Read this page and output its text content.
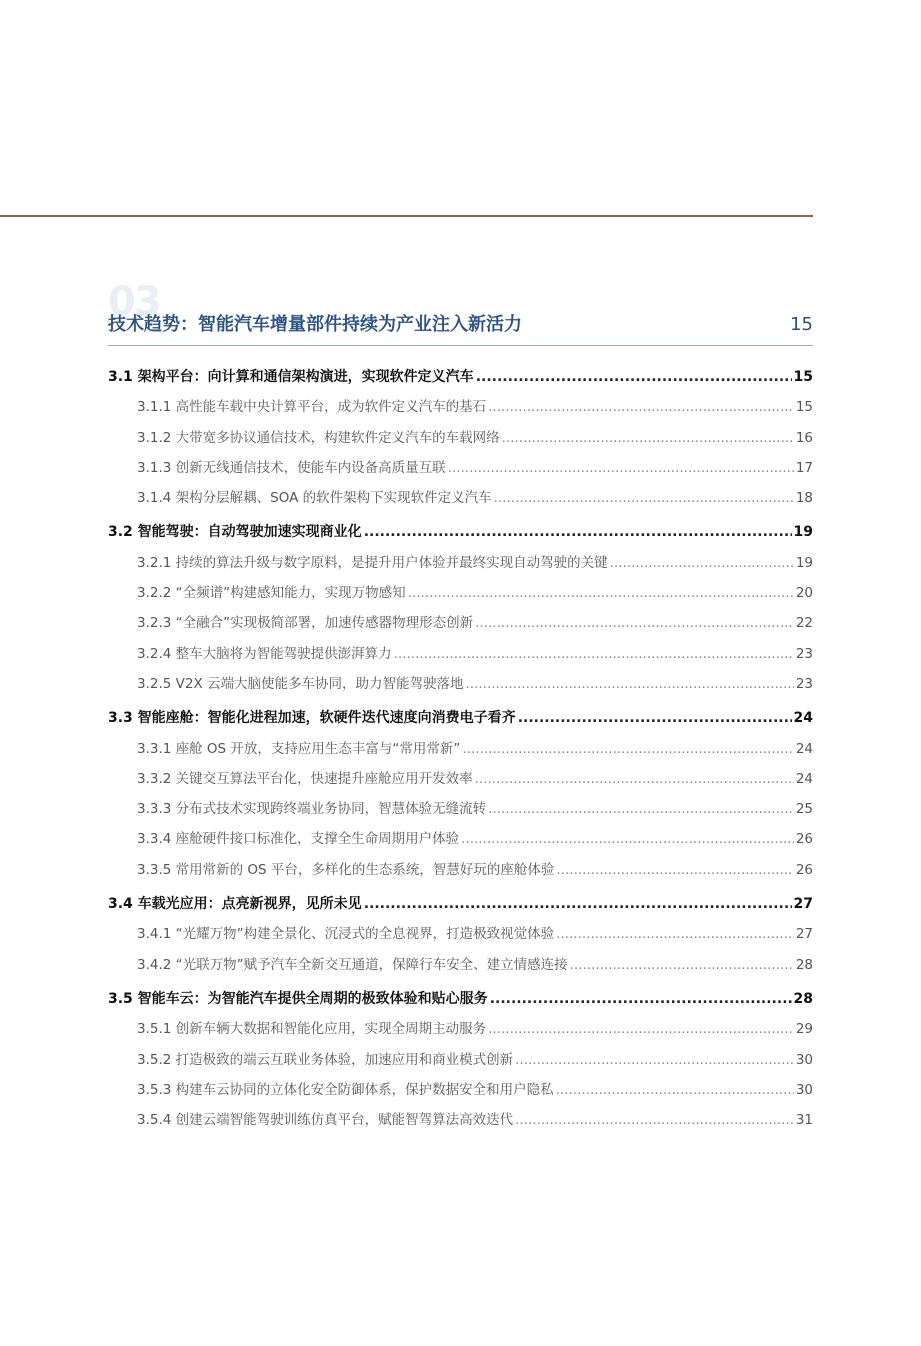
03
技术趋势：智能汽车增量部件持续为产业注入新活力	15
3.1 架构平台：向计算和通信架构演进，实现软件定义汽车 .....	15
3.1.1 高性能车载中央计算平台，成为软件定义汽车的基石 .....	15
3.1.2 大带宽多协议通信技术，构建软件定义汽车的车载网络 .....	16
3.1.3 创新无线通信技术，使能车内设备高质量互联 .....	17
3.1.4 架构分层解耦、SOA 的软件架构下实现软件定义汽车 .....	18
3.2 智能驾驶：自动驾驶加速实现商业化 .....	19
3.2.1 持续的算法升级与数字原料，是提升用户体验并最终实现自动驾驶的关键 .....	19
3.2.2 “全频谱”构建感知能力，实现万物感知 .....	20
3.2.3 “全融合”实现极简部署，加速传感器物理形态创新 .....	22
3.2.4 整车大脑将为智能驾驶提供澎湃算力 .....	23
3.2.5 V2X 云端大脑使能多车协同，助力智能驾驶落地 .....	23
3.3 智能座舱：智能化进程加速，软硬件迭代速度向消费电子看齐 .....	24
3.3.1 座舱 OS 开放，支持应用生态丰富与“常用常新” .....	24
3.3.2 关键交互算法平台化，快速提升座舱应用开发效率 .....	24
3.3.3 分布式技术实现跨终端业务协同，智慧体验无缝流转 .....	25
3.3.4 座舱硬件接口标准化，支撑全生命周期用户体验 .....	26
3.3.5 常用常新的 OS 平台，多样化的生态系统，智慧好玩的座舱体验 .....	26
3.4 车载光应用：点亮新视界，见所未见 .....	27
3.4.1 “光耀万物”构建全景化、沉浸式的全息视界，打造极致视觉体验 .....	27
3.4.2 “光联万物”赋予汽车全新交互通道，保障行车安全、建立情感连接 .....	28
3.5 智能车云：为智能汽车提供全周期的极致体验和贴心服务 .....	28
3.5.1 创新车辆大数据和智能化应用，实现全周期主动服务 .....	29
3.5.2 打造极致的端云互联业务体验，加速应用和商业模式创新 .....	30
3.5.3 构建车云协同的立体化安全防御体系，保护数据安全和用户隐私 .....	30
3.5.4 创建云端智能驾驶训练仿真平台，赋能智驾算法高效迭代 .....	31
